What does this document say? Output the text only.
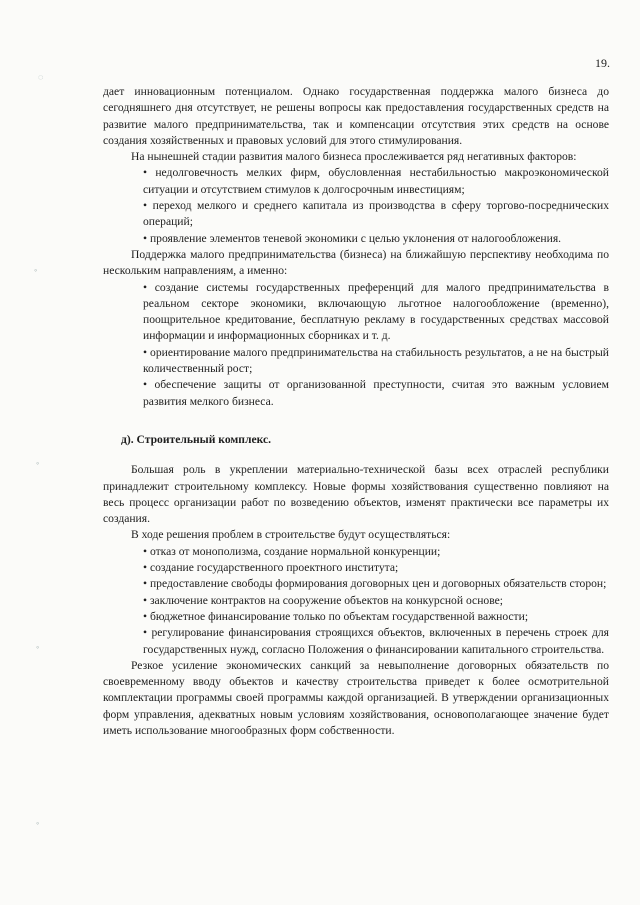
19.
◌
◦
◦
◦
◦

дает инновационным потенциалом. Однако государственная поддержка малого бизнеса до сегодняшнего дня отсутствует, не решены вопросы как предоставления государственных средств на развитие малого предпринимательства, так и компенсации отсутствия этих средств на основе создания хозяйственных и правовых условий для этого стимулирования.

На нынешней стадии развития малого бизнеса прослеживается ряд негативных факторов:

• недолговечность мелких фирм, обусловленная нестабильностью макроэкономической ситуации и отсутствием стимулов к долгосрочным инвестициям;

• переход мелкого и среднего капитала из производства в сферу торгово-посреднических операций;

• проявление элементов теневой экономики с целью уклонения от налогообложения.

Поддержка малого предпринимательства (бизнеса) на ближайшую перспективу необходима по нескольким направлениям, а именно:

• создание системы государственных преференций для малого предпринимательства в реальном секторе экономики, включающую льготное налогообложение (временно), поощрительное кредитование, бесплатную рекламу в государственных средствах массовой информации и информационных сборниках и т. д.

• ориентирование малого предпринимательства на стабильность результатов, а не на быстрый количественный рост;

• обеспечение защиты от организованной преступности, считая это важным условием развития мелкого бизнеса.

д). Строительный комплекс.

Большая роль в укреплении материально-технической базы всех отраслей республики принадлежит строительному комплексу. Новые формы хозяйствования существенно повлияют на весь процесс организации работ по возведению объектов, изменят практически все параметры их создания.

В ходе решения проблем в строительстве будут осуществляться:

• отказ от монополизма, создание нормальной конкуренции;

• создание государственного проектного института;

• предоставление свободы формирования договорных цен и договорных обязательств сторон;

• заключение контрактов на сооружение объектов на конкурсной основе;

• бюджетное финансирование только по объектам государственной важности;

• регулирование финансирования строящихся объектов, включенных в перечень строек для государственных нужд, согласно Положения о финансировании капитального строительства.

Резкое усиление экономических санкций за невыполнение договорных обязательств по своевременному вводу объектов и качеству строительства приведет к более осмотрительной комплектации программы своей программы каждой организацией. В утверждении организационных форм управления, адекватных новым условиям хозяйствования, основополагающее значение будет иметь использование многообразных форм собственности.
